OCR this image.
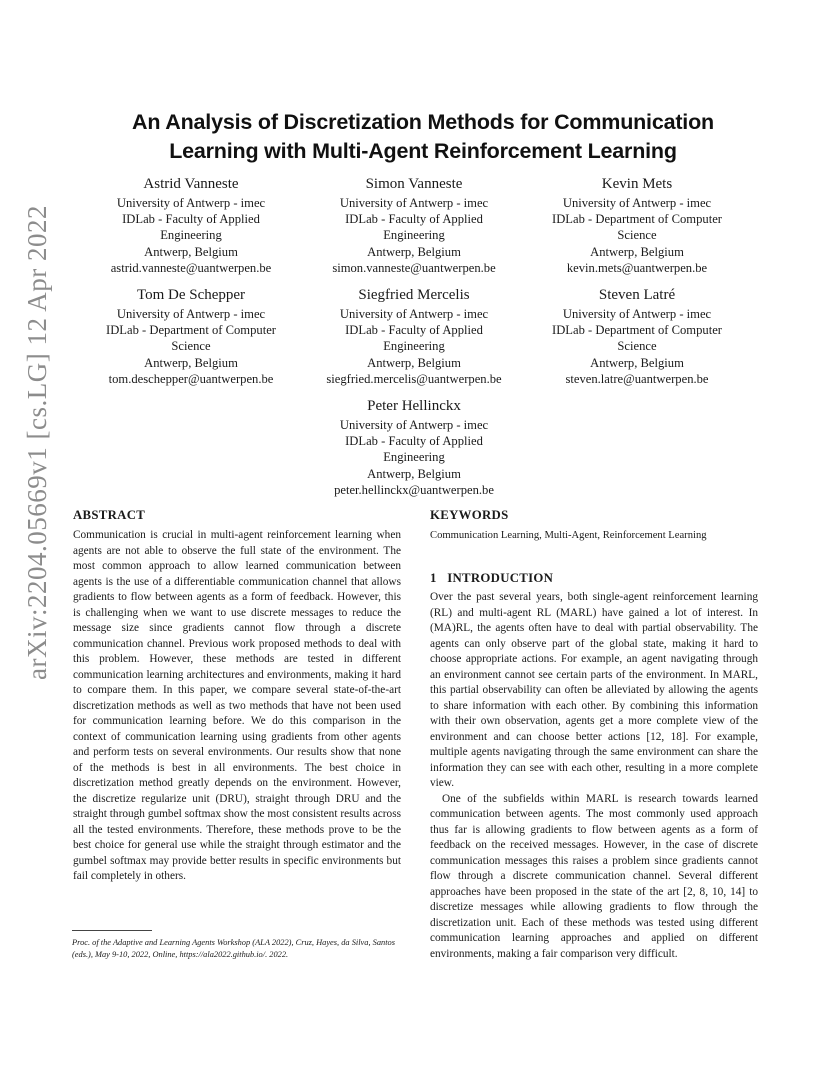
arXiv:2204.05669v1 [cs.LG] 12 Apr 2022
An Analysis of Discretization Methods for Communication
Learning with Multi-Agent Reinforcement Learning
Astrid Vanneste
University of Antwerp - imec
IDLab - Faculty of Applied
Engineering
Antwerp, Belgium
astrid.vanneste@uantwerpen.be
Simon Vanneste
University of Antwerp - imec
IDLab - Faculty of Applied
Engineering
Antwerp, Belgium
simon.vanneste@uantwerpen.be
Kevin Mets
University of Antwerp - imec
IDLab - Department of Computer
Science
Antwerp, Belgium
kevin.mets@uantwerpen.be
Tom De Schepper
University of Antwerp - imec
IDLab - Department of Computer
Science
Antwerp, Belgium
tom.deschepper@uantwerpen.be
Siegfried Mercelis
University of Antwerp - imec
IDLab - Faculty of Applied
Engineering
Antwerp, Belgium
siegfried.mercelis@uantwerpen.be
Steven Latré
University of Antwerp - imec
IDLab - Department of Computer
Science
Antwerp, Belgium
steven.latre@uantwerpen.be
Peter Hellinckx
University of Antwerp - imec
IDLab - Faculty of Applied
Engineering
Antwerp, Belgium
peter.hellinckx@uantwerpen.be
ABSTRACT

Communication is crucial in multi-agent reinforcement learning when agents are not able to observe the full state of the environment. The most common approach to allow learned communication between agents is the use of a differentiable communication channel that allows gradients to flow between agents as a form of feedback. However, this is challenging when we want to use discrete messages to reduce the message size since gradients cannot flow through a discrete communication channel. Previous work proposed methods to deal with this problem. However, these methods are tested in different communication learning architectures and environments, making it hard to compare them. In this paper, we compare several state-of-the-art discretization methods as well as two methods that have not been used for communication learning before. We do this comparison in the context of communication learning using gradients from other agents and perform tests on several environments. Our results show that none of the methods is best in all environments. The best choice in discretization method greatly depends on the environment. However, the discretize regularize unit (DRU), straight through DRU and the straight through gumbel softmax show the most consistent results across all the tested environments. Therefore, these methods prove to be the best choice for general use while the straight through estimator and the gumbel softmax may provide better results in specific environments but fail completely in others.

Proc. of the Adaptive and Learning Agents Workshop (ALA 2022), Cruz, Hayes, da Silva, Santos (eds.), May 9-10, 2022, Online, https://ala2022.github.io/. 2022.
KEYWORDS

Communication Learning, Multi-Agent, Reinforcement Learning

1   INTRODUCTION

Over the past several years, both single-agent reinforcement learning (RL) and multi-agent RL (MARL) have gained a lot of interest. In (MA)RL, the agents often have to deal with partial observability. The agents can only observe part of the global state, making it hard to choose appropriate actions. For example, an agent navigating through an environment cannot see certain parts of the environment. In MARL, this partial observability can often be alleviated by allowing the agents to share information with each other. By combining this information with their own observation, agents get a more complete view of the environment and can choose better actions [12, 18]. For example, multiple agents navigating through the same environment can share the information they can see with each other, resulting in a more complete view.

One of the subfields within MARL is research towards learned communication between agents. The most commonly used approach thus far is allowing gradients to flow between agents as a form of feedback on the received messages. However, in the case of discrete communication messages this raises a problem since gradients cannot flow through a discrete communication channel. Several different approaches have been proposed in the state of the art [2, 8, 10, 14] to discretize messages while allowing gradients to flow through the discretization unit. Each of these methods was tested using different communication learning approaches and applied on different environments, making a fair comparison very difficult.
